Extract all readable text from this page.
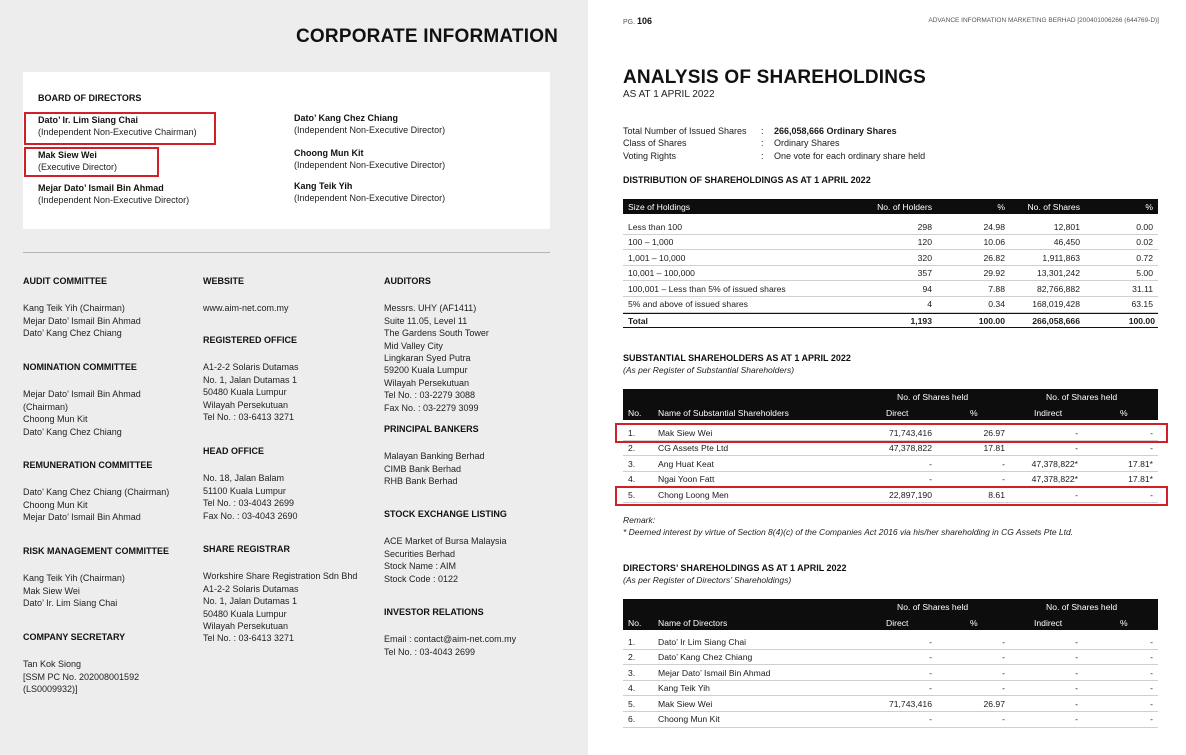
CORPORATE INFORMATION
BOARD OF DIRECTORS
Dato’ Ir. Lim Siang Chai
(Independent Non-Executive Chairman)
Mak Siew Wei
(Executive Director)
Mejar Dato’ Ismail Bin Ahmad
(Independent Non-Executive Director)
Dato’ Kang Chez Chiang
(Independent Non-Executive Director)
Choong Mun Kit
(Independent Non-Executive Director)
Kang Teik Yih
(Independent Non-Executive Director)
AUDIT COMMITTEE
Kang Teik Yih (Chairman)
Mejar Dato’ Ismail Bin Ahmad
Dato’ Kang Chez Chiang
NOMINATION COMMITTEE
Mejar Dato’ Ismail Bin Ahmad
(Chairman)
Choong Mun Kit
Dato’ Kang Chez Chiang
REMUNERATION COMMITTEE
Dato’ Kang Chez Chiang (Chairman)
Choong Mun Kit
Mejar Dato’ Ismail Bin Ahmad
RISK MANAGEMENT COMMITTEE
Kang Teik Yih (Chairman)
Mak Siew Wei
Dato’ Ir. Lim Siang Chai
COMPANY SECRETARY
Tan Kok Siong
[SSM PC No. 202008001592
(LS0009932)]
WEBSITE
www.aim-net.com.my
REGISTERED OFFICE
A1-2-2 Solaris Dutamas
No. 1, Jalan Dutamas 1
50480 Kuala Lumpur
Wilayah Persekutuan
Tel No. : 03-6413 3271
HEAD OFFICE
No. 18, Jalan Balam
51100 Kuala Lumpur
Tel No. : 03-4043 2699
Fax No. : 03-4043 2690
SHARE REGISTRAR
Workshire Share Registration Sdn Bhd
A1-2-2 Solaris Dutamas
No. 1, Jalan Dutamas 1
50480 Kuala Lumpur
Wilayah Persekutuan
Tel No. : 03-6413 3271
AUDITORS
Messrs. UHY (AF1411)
Suite 11.05, Level 11
The Gardens South Tower
Mid Valley City
Lingkaran Syed Putra
59200 Kuala Lumpur
Wilayah Persekutuan
Tel No. : 03-2279 3088
Fax No. : 03-2279 3099
PRINCIPAL BANKERS
Malayan Banking Berhad
CIMB Bank Berhad
RHB Bank Berhad
STOCK EXCHANGE LISTING
ACE Market of Bursa Malaysia
Securities Berhad
Stock Name : AIM
Stock Code : 0122
INVESTOR RELATIONS
Email : contact@aim-net.com.my
Tel No. : 03-4043 2699
PG. 106	ADVANCE INFORMATION MARKETING BERHAD [200401006266 (644769-D)]
ANALYSIS OF SHAREHOLDINGS
AS AT 1 APRIL 2022
Total Number of Issued Shares : 266,058,666 Ordinary Shares
Class of Shares	: Ordinary Shares
Voting Rights	: One vote for each ordinary share held
DISTRIBUTION OF SHAREHOLDINGS AS AT 1 APRIL 2022
Size of Holdings	No. of Holders	%	No. of Shares	%
Less than 100	298	24.98	12,801	0.00
100 – 1,000	120	10.06	46,450	0.02
1,001 – 10,000	320	26.82	1,911,863	0.72
10,001 – 100,000	357	29.92	13,301,242	5.00
100,001 – Less than 5% of issued shares	94	7.88	82,766,882	31.11
5% and above of issued shares	4	0.34	168,019,428	63.15
Total	1,193	100.00	266,058,666	100.00
SUBSTANTIAL SHAREHOLDERS AS AT 1 APRIL 2022
(As per Register of Substantial Shareholders)
No. of Shares held	No. of Shares held
No. Name of Substantial Shareholders	Direct	%	Indirect	%
1.	Mak Siew Wei	71,743,416	26.97	-	-
2.	CG Assets Pte Ltd	47,378,822	17.81	-	-
3.	Ang Huat Keat	-	-	47,378,822*	17.81*
4.	Ngai Yoon Fatt	-	-	47,378,822*	17.81*
5.	Chong Loong Men	22,897,190	8.61	-	-
Remark:
* Deemed interest by virtue of Section 8(4)(c) of the Companies Act 2016 via his/her shareholding in CG Assets Pte Ltd.
DIRECTORS’ SHAREHOLDINGS AS AT 1 APRIL 2022
(As per Register of Directors’ Shareholdings)
No. of Shares held	No. of Shares held
No. Name of Directors	Direct	%	Indirect	%
1.	Dato’ Ir Lim Siang Chai	-	-	-	-
2.	Dato’ Kang Chez Chiang	-	-	-	-
3.	Mejar Dato’ Ismail Bin Ahmad	-	-	-	-
4.	Kang Teik Yih	-	-	-	-
5.	Mak Siew Wei	71,743,416	26.97	-	-
6.	Choong Mun Kit	-	-	-	-
